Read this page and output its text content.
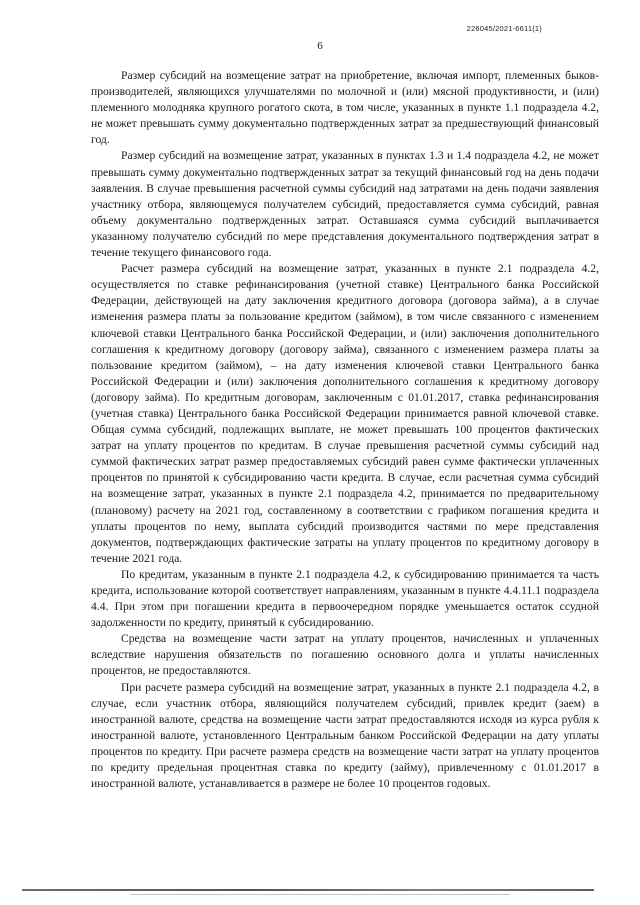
226045/2021-6611(1)
6

Размер субсидий на возмещение затрат на приобретение, включая импорт, племенных быков-производителей, являющихся улучшателями по молочной и (или) мясной продуктивности, и (или) племенного молодняка крупного рогатого скота, в том числе, указанных в пункте 1.1 подраздела 4.2, не может превышать сумму документально подтвержденных затрат за предшествующий финансовый год.

Размер субсидий на возмещение затрат, указанных в пунктах 1.3 и 1.4 подраздела 4.2, не может превышать сумму документально подтвержденных затрат за текущий финансовый год на день подачи заявления. В случае превышения расчетной суммы субсидий над затратами на день подачи заявления участнику отбора, являющемуся получателем субсидий, предоставляется сумма субсидий, равная объему документально подтвержденных затрат. Оставшаяся сумма субсидий выплачивается указанному получателю субсидий по мере представления документального подтверждения затрат в течение текущего финансового года.

Расчет размера субсидий на возмещение затрат, указанных в пункте 2.1 подраздела 4.2, осуществляется по ставке рефинансирования (учетной ставке) Центрального банка Российской Федерации, действующей на дату заключения кредитного договора (договора займа), а в случае изменения размера платы за пользование кредитом (займом), в том числе связанного с изменением ключевой ставки Центрального банка Российской Федерации, и (или) заключения дополнительного соглашения к кредитному договору (договору займа), связанного с изменением размера платы за пользование кредитом (займом), – на дату изменения ключевой ставки Центрального банка Российской Федерации и (или) заключения дополнительного соглашения к кредитному договору (договору займа). По кредитным договорам, заключенным с 01.01.2017, ставка рефинансирования (учетная ставка) Центрального банка Российской Федерации принимается равной ключевой ставке. Общая сумма субсидий, подлежащих выплате, не может превышать 100 процентов фактических затрат на уплату процентов по кредитам. В случае превышения расчетной суммы субсидий над суммой фактических затрат размер предоставляемых субсидий равен сумме фактически уплаченных процентов по принятой к субсидированию части кредита. В случае, если расчетная сумма субсидий на возмещение затрат, указанных в пункте 2.1 подраздела 4.2, принимается по предварительному (плановому) расчету на 2021 год, составленному в соответствии с графиком погашения кредита и уплаты процентов по нему, выплата субсидий производится частями по мере представления документов, подтверждающих фактические затраты на уплату процентов по кредитному договору в течение 2021 года.

По кредитам, указанным в пункте 2.1 подраздела 4.2, к субсидированию принимается та часть кредита, использование которой соответствует направлениям, указанным в пункте 4.4.11.1 подраздела 4.4. При этом при погашении кредита в первоочередном порядке уменьшается остаток ссудной задолженности по кредиту, принятый к субсидированию.

Средства на возмещение части затрат на уплату процентов, начисленных и уплаченных вследствие нарушения обязательств по погашению основного долга и уплаты начисленных процентов, не предоставляются.

При расчете размера субсидий на возмещение затрат, указанных в пункте 2.1 подраздела 4.2, в случае, если участник отбора, являющийся получателем субсидий, привлек кредит (заем) в иностранной валюте, средства на возмещение части затрат предоставляются исходя из курса рубля к иностранной валюте, установленного Центральным банком Российской Федерации на дату уплаты процентов по кредиту. При расчете размера средств на возмещение части затрат на уплату процентов по кредиту предельная процентная ставка по кредиту (займу), привлеченному с 01.01.2017 в иностранной валюте, устанавливается в размере не более 10 процентов годовых.
